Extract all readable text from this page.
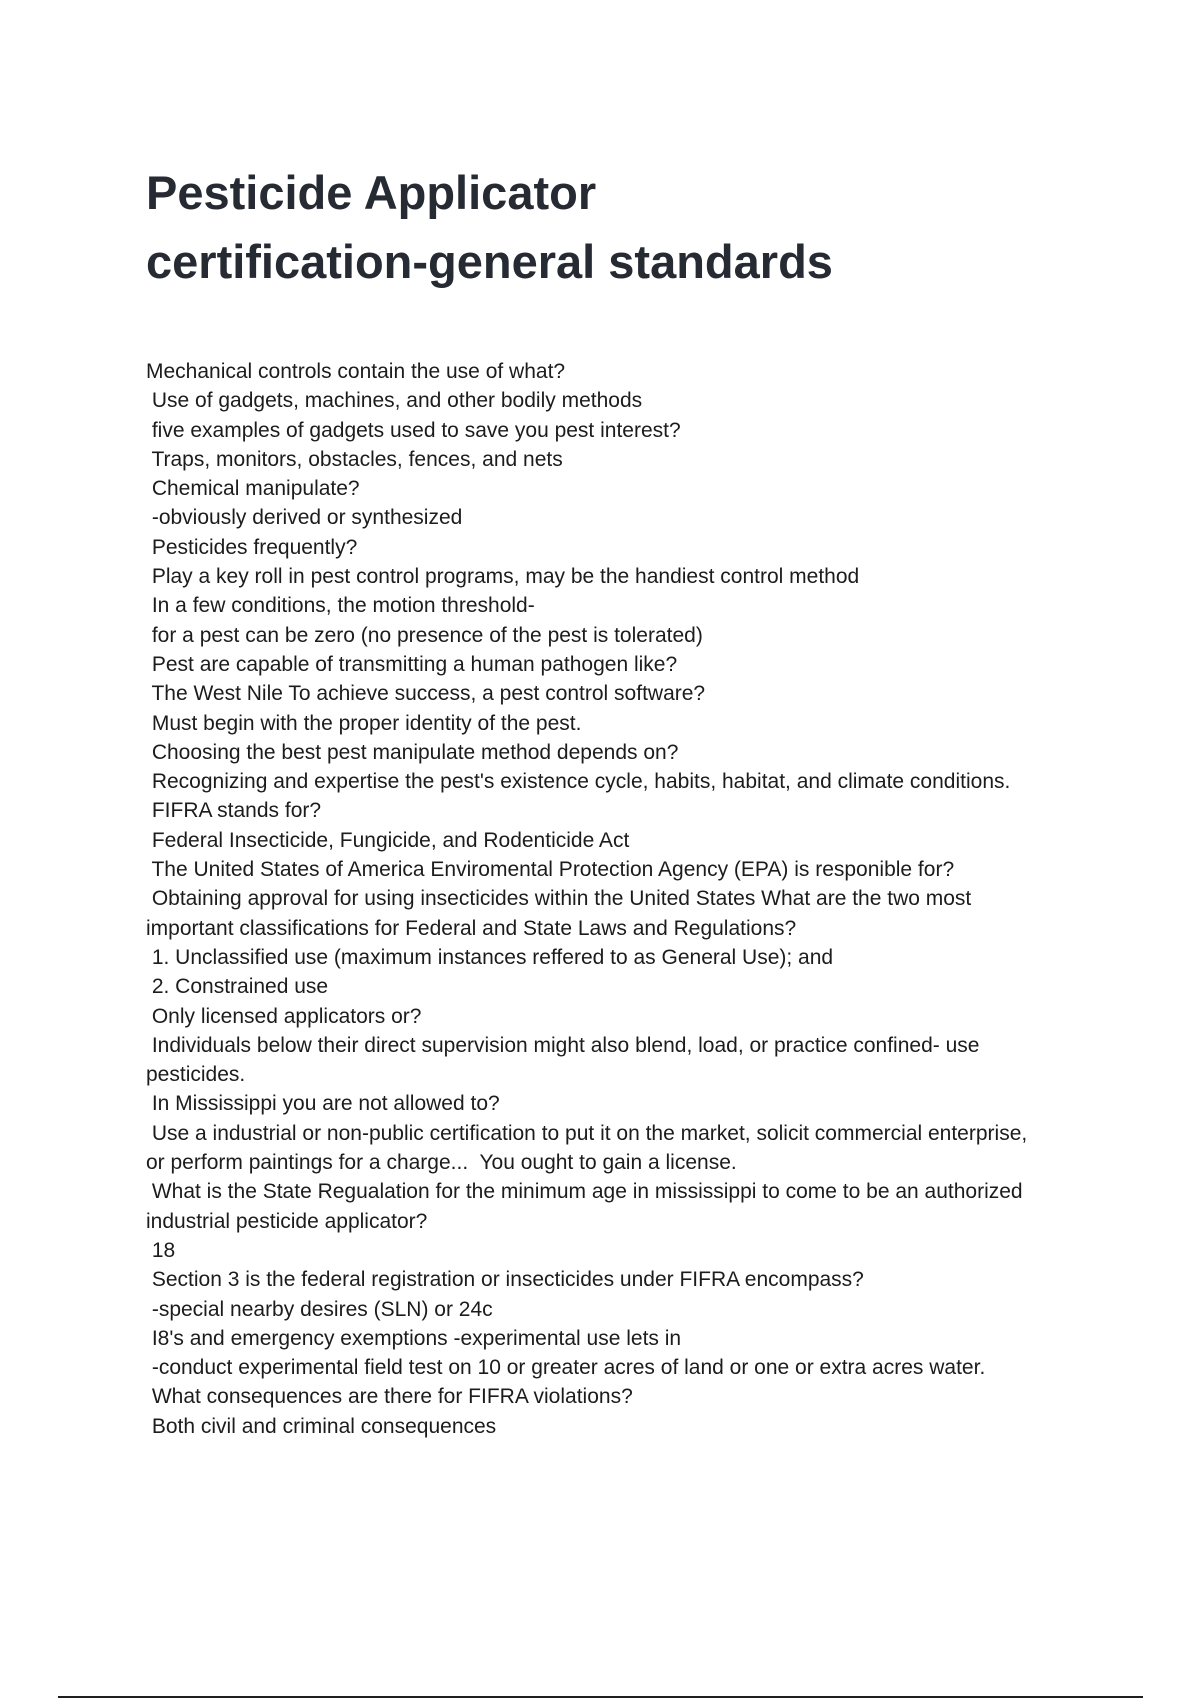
Pesticide Applicator
certification-general standards
Mechanical controls contain the use of what?
Use of gadgets, machines, and other bodily methods
five examples of gadgets used to save you pest interest?
Traps, monitors, obstacles, fences, and nets
Chemical manipulate?
-obviously derived or synthesized
Pesticides frequently?
Play a key roll in pest control programs, may be the handiest control method
In a few conditions, the motion threshold-
for a pest can be zero (no presence of the pest is tolerated)
Pest are capable of transmitting a human pathogen like?
The West Nile To achieve success, a pest control software?
Must begin with the proper identity of the pest.
Choosing the best pest manipulate method depends on?
Recognizing and expertise the pest's existence cycle, habits, habitat, and climate conditions.
FIFRA stands for?
Federal Insecticide, Fungicide, and Rodenticide Act
The United States of America Enviromental Protection Agency (EPA) is responible for?
Obtaining approval for using insecticides within the United States What are the two most
important classifications for Federal and State Laws and Regulations?
1. Unclassified use (maximum instances reffered to as General Use); and
2. Constrained use
Only licensed applicators or?
Individuals below their direct supervision might also blend, load, or practice confined- use
pesticides.
In Mississippi you are not allowed to?
Use a industrial or non-public certification to put it on the market, solicit commercial enterprise,
or perform paintings for a charge...  You ought to gain a license.
What is the State Regualation for the minimum age in mississippi to come to be an authorized
industrial pesticide applicator?
18
Section 3 is the federal registration or insecticides under FIFRA encompass?
-special nearby desires (SLN) or 24c
I8's and emergency exemptions -experimental use lets in
-conduct experimental field test on 10 or greater acres of land or one or extra acres water.
What consequences are there for FIFRA violations?
Both civil and criminal consequences
